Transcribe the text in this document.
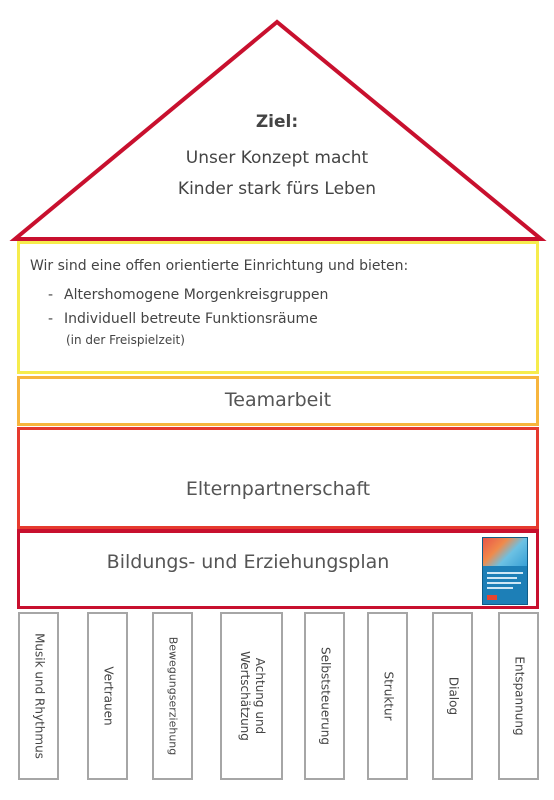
Ziel:
Unser Konzept macht
Kinder stark fürs Leben

Wir sind eine offen orientierte Einrichtung und bieten:

- Altershomogene Morgenkreisgruppen
- Individuell betreute Funktionsräume
(in der Freispielzeit)
Teamarbeit
Elternpartnerschaft
Bildungs- und Erziehungsplan
Musik und Rhythmus	Vertrauen	Bewegungserziehung	Achtung und Wertschätzung	Selbststeuerung	Struktur	Dialog	Entspannung
